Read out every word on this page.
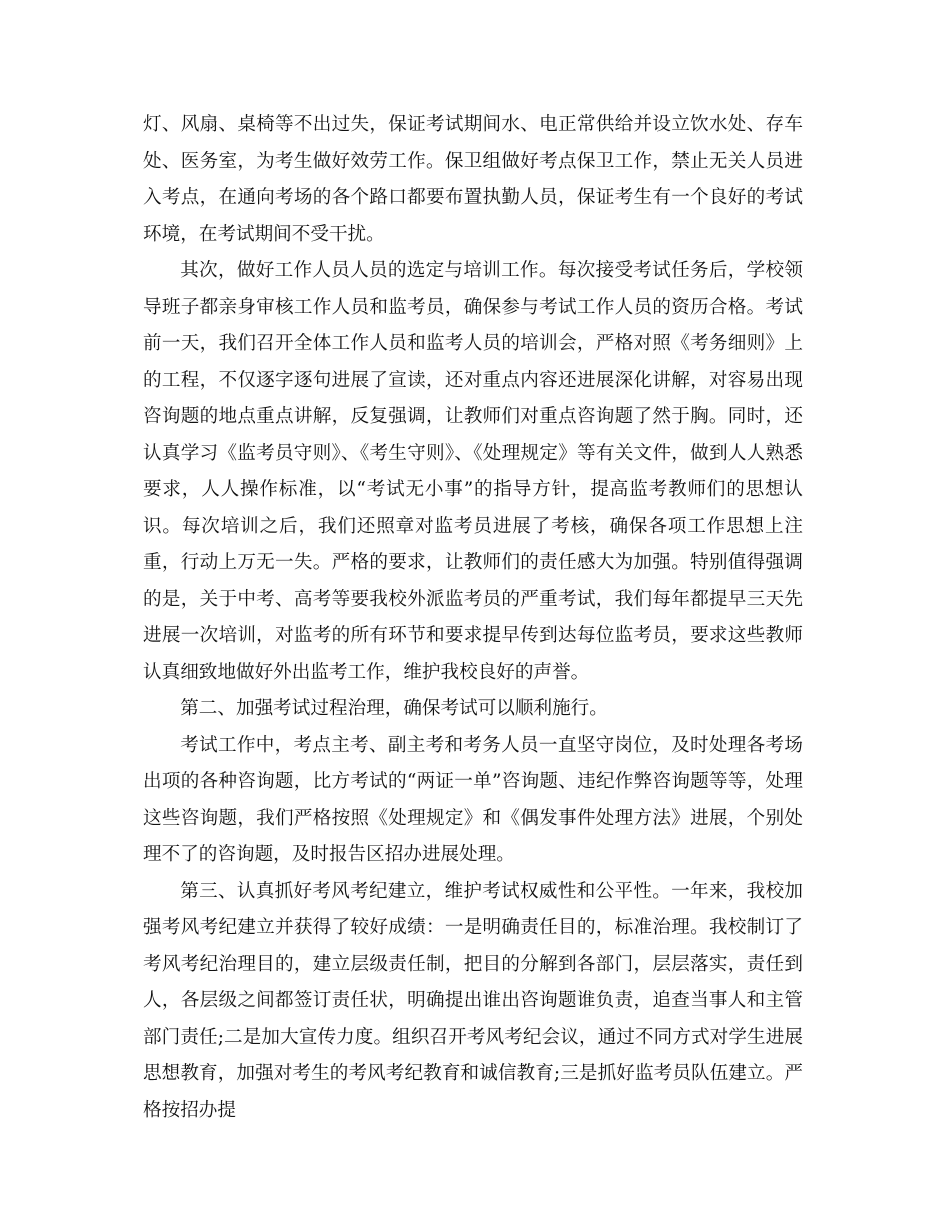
灯、风扇、桌椅等不出过失，保证考试期间水、电正常供给并设立饮水处、存车处、医务室，为考生做好效劳工作。保卫组做好考点保卫工作，禁止无关人员进入考点，在通向考场的各个路口都要布置执勤人员，保证考生有一个良好的考试环境，在考试期间不受干扰。

其次，做好工作人员人员的选定与培训工作。每次接受考试任务后，学校领导班子都亲身审核工作人员和监考员，确保参与考试工作人员的资历合格。考试前一天，我们召开全体工作人员和监考人员的培训会，严格对照《考务细则》上的工程，不仅逐字逐句进展了宣读，还对重点内容还进展深化讲解，对容易出现咨询题的地点重点讲解，反复强调，让教师们对重点咨询题了然于胸。同时，还认真学习《监考员守则》、《考生守则》、《处理规定》等有关文件，做到人人熟悉要求，人人操作标准，以“考试无小事”的指导方针，提高监考教师们的思想认识。每次培训之后，我们还照章对监考员进展了考核，确保各项工作思想上注重，行动上万无一失。严格的要求，让教师们的责任感大为加强。特别值得强调的是，关于中考、高考等要我校外派监考员的严重考试，我们每年都提早三天先进展一次培训，对监考的所有环节和要求提早传到达每位监考员，要求这些教师认真细致地做好外出监考工作，维护我校良好的声誉。

第二、加强考试过程治理，确保考试可以顺利施行。

考试工作中，考点主考、副主考和考务人员一直坚守岗位，及时处理各考场出项的各种咨询题，比方考试的“两证一单”咨询题、违纪作弊咨询题等等，处理这些咨询题，我们严格按照《处理规定》和《偶发事件处理方法》进展，个别处理不了的咨询题，及时报告区招办进展处理。

第三、认真抓好考风考纪建立，维护考试权威性和公平性。一年来，我校加强考风考纪建立并获得了较好成绩：一是明确责任目的，标准治理。我校制订了考风考纪治理目的，建立层级责任制，把目的分解到各部门，层层落实，责任到人，各层级之间都签订责任状，明确提出谁出咨询题谁负责，追查当事人和主管部门责任;二是加大宣传力度。组织召开考风考纪会议，通过不同方式对学生进展思想教育，加强对考生的考风考纪教育和诚信教育;三是抓好监考员队伍建立。严格按招办提
